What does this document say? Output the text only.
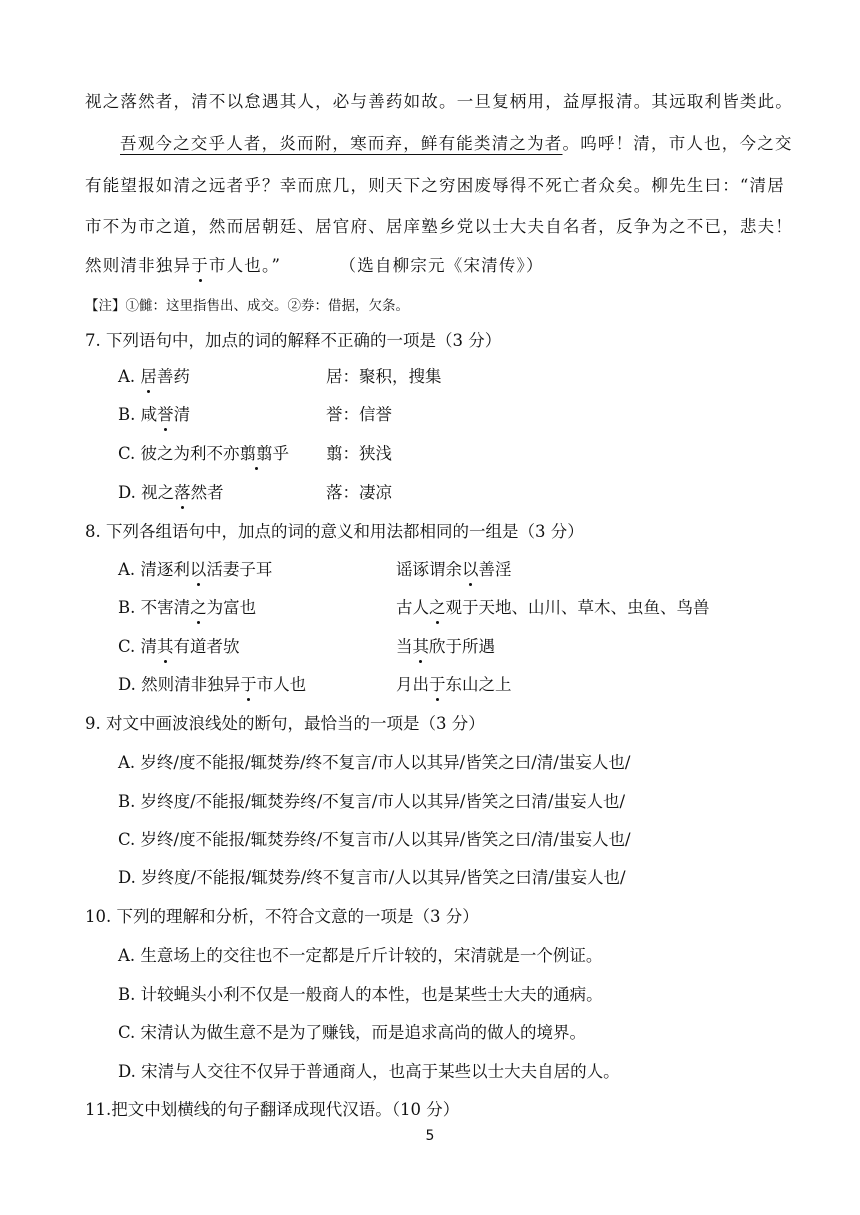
视之落然者，清不以怠遇其人，必与善药如故。一旦复柄用，益厚报清。其远取利皆类此。
吾观今之交乎人者，炎而附，寒而弃，鲜有能类清之为者。呜呼！清，市人也，今之交
有能望报如清之远者乎？幸而庶几，则天下之穷困废辱得不死亡者众矣。柳先生曰：“清居
市不为市之道，然而居朝廷、居官府、居庠塾乡党以士大夫自名者，反争为之不已，悲夫！
然则清非独异于市人也。”	（选自柳宗元《宋清传》）
【注】①雠：这里指售出、成交。②券：借据，欠条。
7. 下列语句中，加点的词的解释不正确的一项是（3 分）
A. 居善药	居：聚积，搜集
B. 咸誉清	誉：信誉
C. 彼之为利不亦翦翦乎 翦：狭浅
D. 视之落然者	落：凄凉
8. 下列各组语句中，加点的词的意义和用法都相同的一组是（3 分）
A. 清逐利以活妻子耳	谣诼谓余以善淫
B. 不害清之为富也	古人之观于天地、山川、草木、虫鱼、鸟兽
C. 清其有道者欤	当其欣于所遇
D. 然则清非独异于市人也	月出于东山之上
9. 对文中画波浪线处的断句，最恰当的一项是（3 分）
A. 岁终/度不能报/辄焚券/终不复言/市人以其异/皆笑之曰/清/蚩妄人也/
B. 岁终度/不能报/辄焚券终/不复言/市人以其异/皆笑之曰清/蚩妄人也/
C. 岁终/度不能报/辄焚券终/不复言市/人以其异/皆笑之曰/清/蚩妄人也/
D. 岁终度/不能报/辄焚券/终不复言市/人以其异/皆笑之曰清/蚩妄人也/
10. 下列的理解和分析，不符合文意的一项是（3 分）
A. 生意场上的交往也不一定都是斤斤计较的，宋清就是一个例证。
B. 计较蝇头小利不仅是一般商人的本性，也是某些士大夫的通病。
C. 宋清认为做生意不是为了赚钱，而是追求高尚的做人的境界。
D. 宋清与人交往不仅异于普通商人，也高于某些以士大夫自居的人。
11.把文中划横线的句子翻译成现代汉语。（10 分）
5
